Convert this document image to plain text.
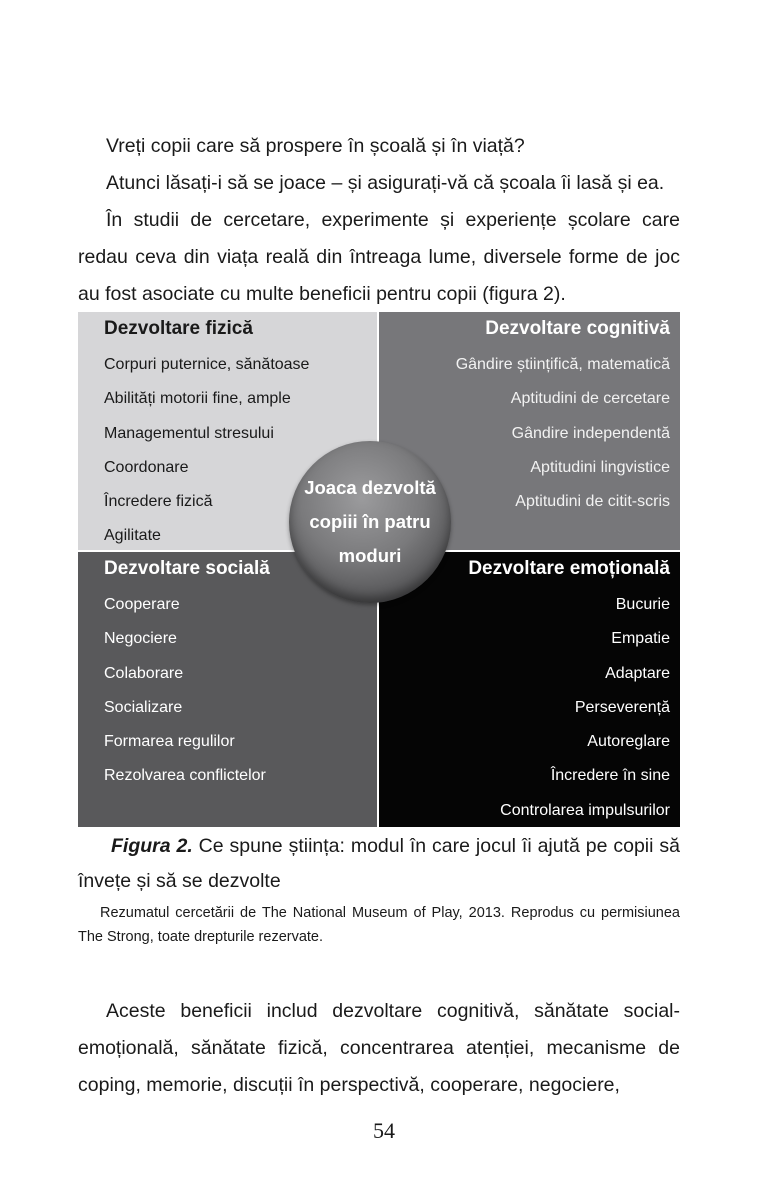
Vreți copii care să prospere în școală și în viață?

Atunci lăsați-i să se joace – și asigurați-vă că școala îi lasă și ea.

În studii de cercetare, experimente și experiențe școlare care redau ceva din viața reală din întreaga lume, diversele forme de joc au fost asociate cu multe beneficii pentru copii (figura 2).

Dezvoltare fizică
Corpuri puternice, sănătoase
Abilități motorii fine, ample
Managementul stresului
Coordonare
Încredere fizică
Agilitate
Dezvoltare cognitivă
Gândire științifică, matematică
Aptitudini de cercetare
Gândire independentă
Aptitudini lingvistice
Aptitudini de citit-scris
Dezvoltare socială
Cooperare
Negociere
Colaborare
Socializare
Formarea regulilor
Rezolvarea conflictelor
Dezvoltare emoțională
Bucurie
Empatie
Adaptare
Perseverență
Autoreglare
Încredere în sine
Controlarea impulsurilor
Joaca dezvoltă copiii în patru moduri

Figura 2. Ce spune știința: modul în care jocul îi ajută pe copii să învețe și să se dezvolte

Rezumatul cercetării de The National Museum of Play, 2013. Reprodus cu permisiunea The Strong, toate drepturile rezervate.

Aceste beneficii includ dezvoltare cognitivă, sănătate social-emoțională, sănătate fizică, concentrarea atenției, mecanisme de coping, memorie, discuții în perspectivă, cooperare, negociere,

54
